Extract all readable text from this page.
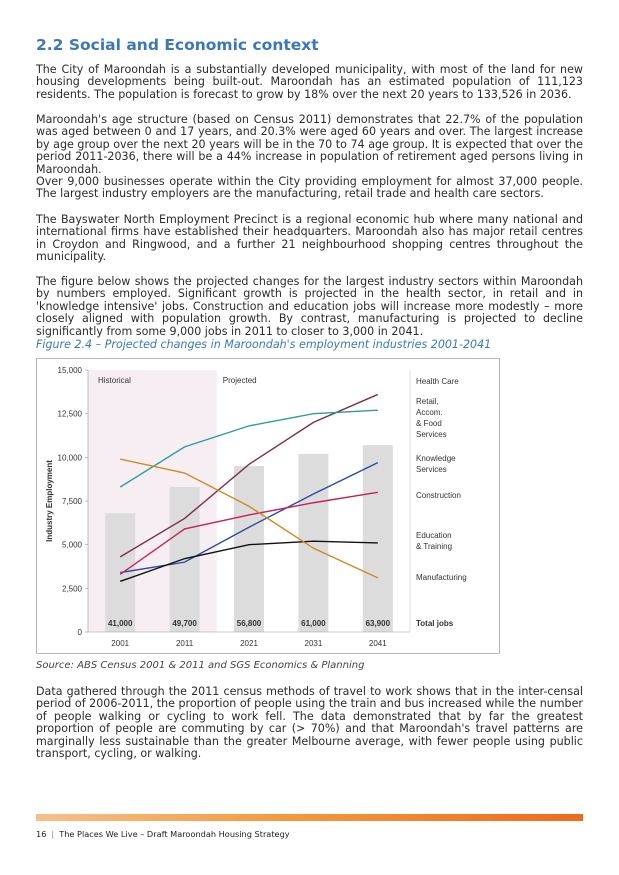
2.2 Social and Economic context

The City of Maroondah is a substantially developed municipality, with most of the land for new housing developments being built-out. Maroondah has an estimated population of 111,123 residents. The population is forecast to grow by 18% over the next 20 years to 133,526 in 2036.

Maroondah's age structure (based on Census 2011) demonstrates that 22.7% of the population was aged between 0 and 17 years, and 20.3% were aged 60 years and over. The largest increase by age group over the next 20 years will be in the 70 to 74 age group. It is expected that over the period 2011-2036, there will be a 44% increase in population of retirement aged persons living in Maroondah.

Over 9,000 businesses operate within the City providing employment for almost 37,000 people. The largest industry employers are the manufacturing, retail trade and health care sectors.

The Bayswater North Employment Precinct is a regional economic hub where many national and international firms have established their headquarters. Maroondah also has major retail centres in Croydon and Ringwood, and a further 21 neighbourhood shopping centres throughout the municipality.

The figure below shows the projected changes for the largest industry sectors within Maroondah by numbers employed. Significant growth is projected in the health sector, in retail and in 'knowledge intensive' jobs. Construction and education jobs will increase more modestly – more closely aligned with population growth. By contrast, manufacturing is projected to decline significantly from some 9,000 jobs in 2011 to closer to 3,000 in 2041.

Figure 2.4 – Projected changes in Maroondah's employment industries 2001-2041
Historical	Projected
0
2,500
5,000
7,500
10,000
12,500
15,000
41,000	49,700	56,800	61,000	63,900
2001	2011	2021	2031	2041
Health Care
Retail,
Accom.
& Food
Services
Knowledge
Services
Construction
Education
& Training
Manufacturing
Total jobs
Industry Employment
Source: ABS Census 2001 & 2011 and SGS Economics & Planning

Data gathered through the 2011 census methods of travel to work shows that in the inter-censal period of 2006-2011, the proportion of people using the train and bus increased while the number of people walking or cycling to work fell. The data demonstrated that by far the greatest proportion of people are commuting by car (> 70%) and that Maroondah's travel patterns are marginally less sustainable than the greater Melbourne average, with fewer people using public transport, cycling, or walking.

16 | The Places We Live – Draft Maroondah Housing Strategy
